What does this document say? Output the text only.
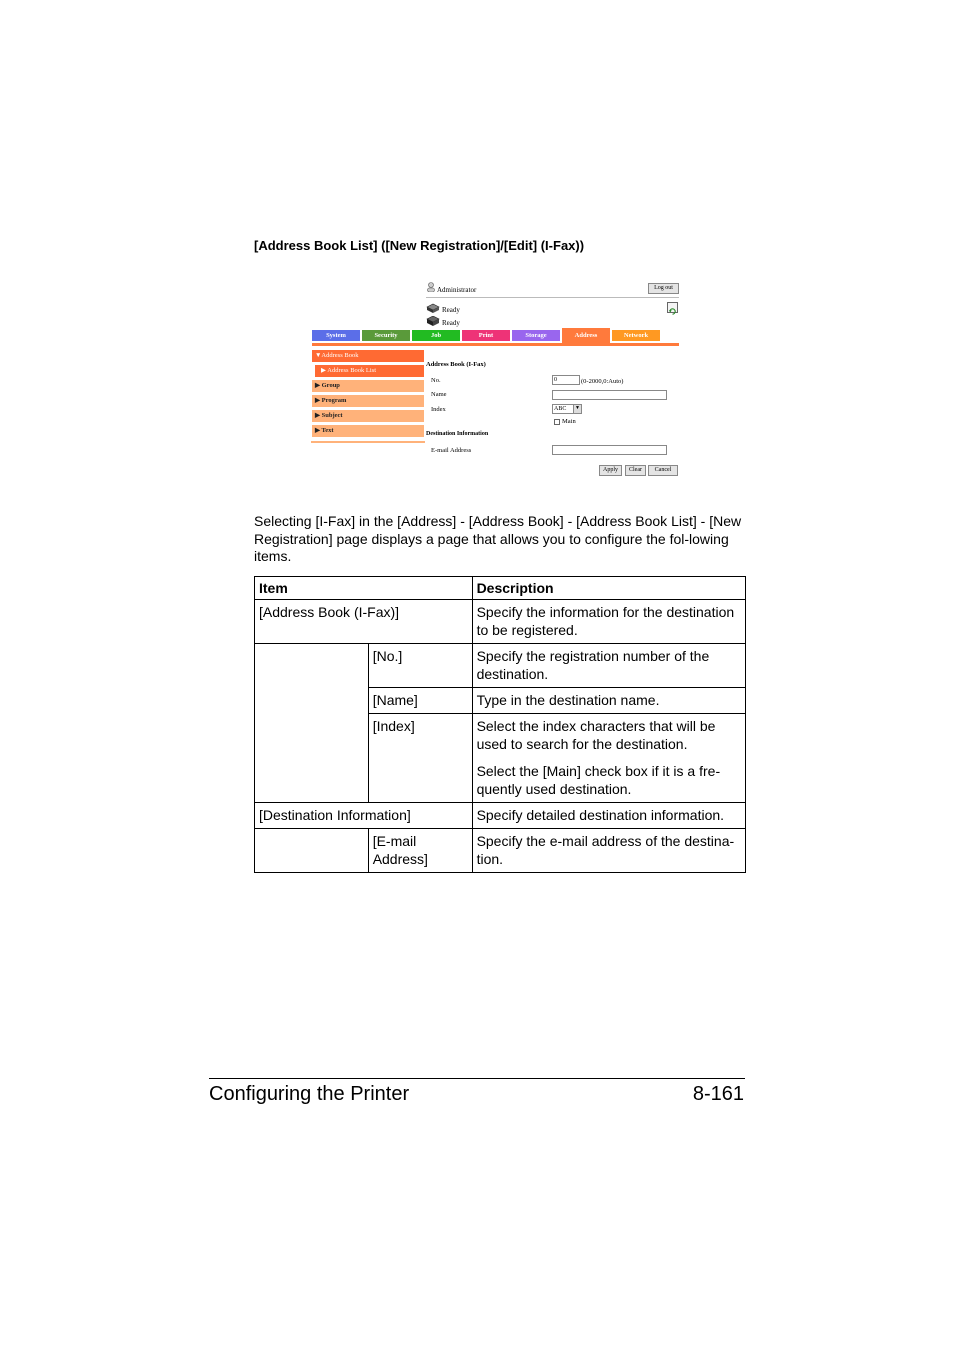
[Address Book List] ([New Registration]/[Edit] (I-Fax))
Administrator	Log out
Ready
Ready
System	Security	Job	Print	Storage	Address	Network
▼Address Book
▶ Address Book List
▶ Group
▶ Program
▶ Subject
▶ Text
Address Book (I-Fax)
No.	0	(0-2000,0:Auto)
Name
Index	ABC	▼
Main
Destination Information
E-mail Address
Apply	Clear	Cancel
Selecting [I-Fax] in the [Address] - [Address Book] - [Address Book List] - [New Registration] page displays a page that allows you to configure the fol-lowing items.
Item		Description
[Address Book (I-Fax)]		Specify the information for the destination to be registered.
	[No.]	Specify the registration number of the destination.
	[Name]	Type in the destination name.
	[Index]	Select the index characters that will be used to search for the destination.

Select the [Main] check box if it is a fre-quently used destination.

[Destination Information]		Specify detailed destination information.
	[E-mail Address]	Specify the e-mail address of the destina-tion.
Configuring the Printer	8-161
